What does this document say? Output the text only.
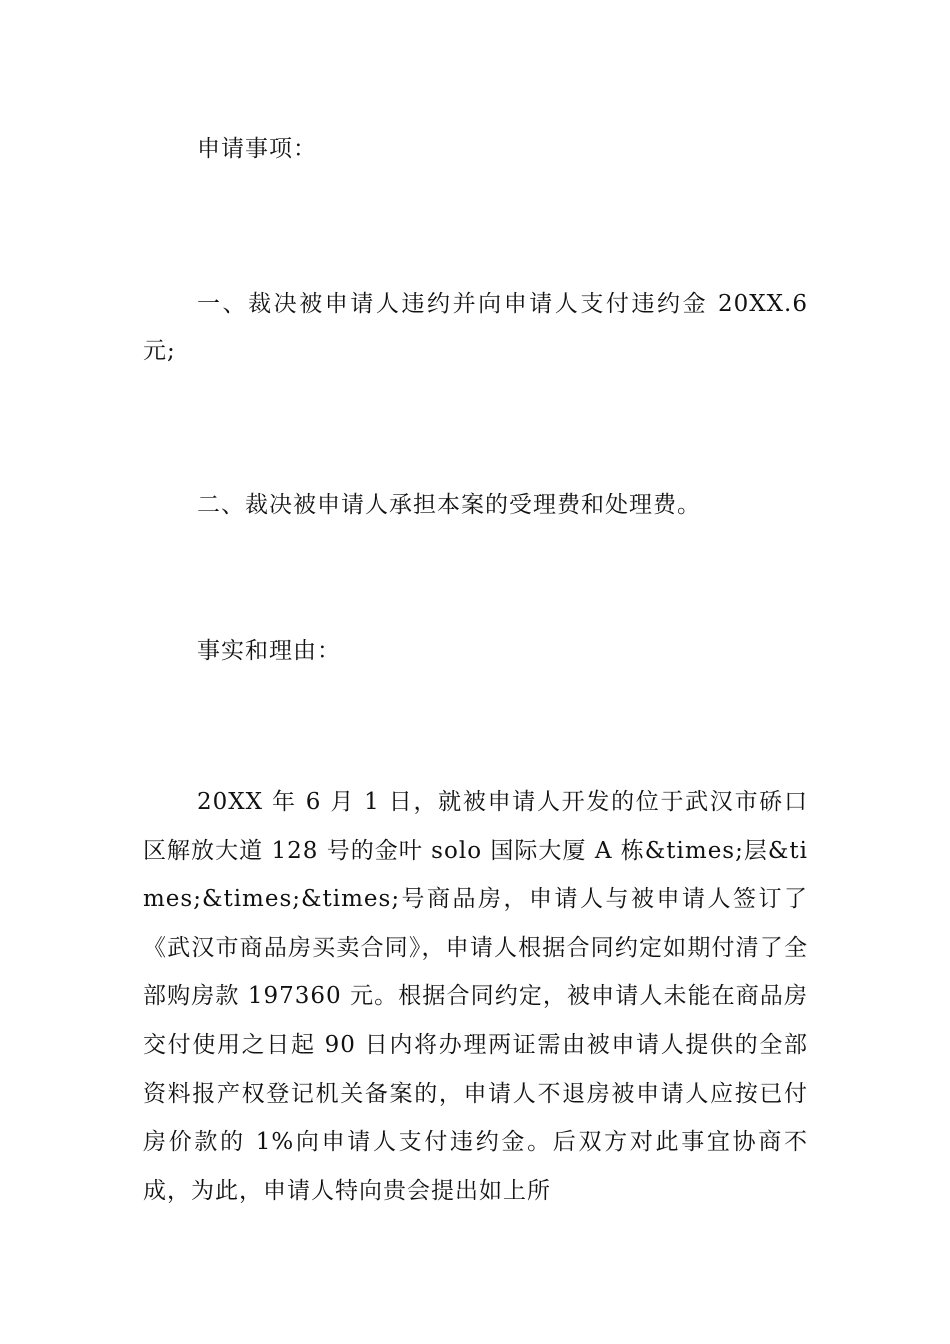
申请事项：

一、裁决被申请人违约并向申请人支付违约金 20XX.6 元;

二、裁决被申请人承担本案的受理费和处理费。

事实和理由：

20XX 年 6 月 1 日，就被申请人开发的位于武汉市硚口区解放大道 128 号的金叶 solo 国际大厦 A 栋&times;层&times;&times;&times;号商品房，申请人与被申请人签订了《武汉市商品房买卖合同》，申请人根据合同约定如期付清了全部购房款 197360 元。根据合同约定，被申请人未能在商品房交付使用之日起 90 日内将办理两证需由被申请人提供的全部资料报产权登记机关备案的，申请人不退房被申请人应按已付房价款的 1%向申请人支付违约金。后双方对此事宜协商不成，为此，申请人特向贵会提出如上所
